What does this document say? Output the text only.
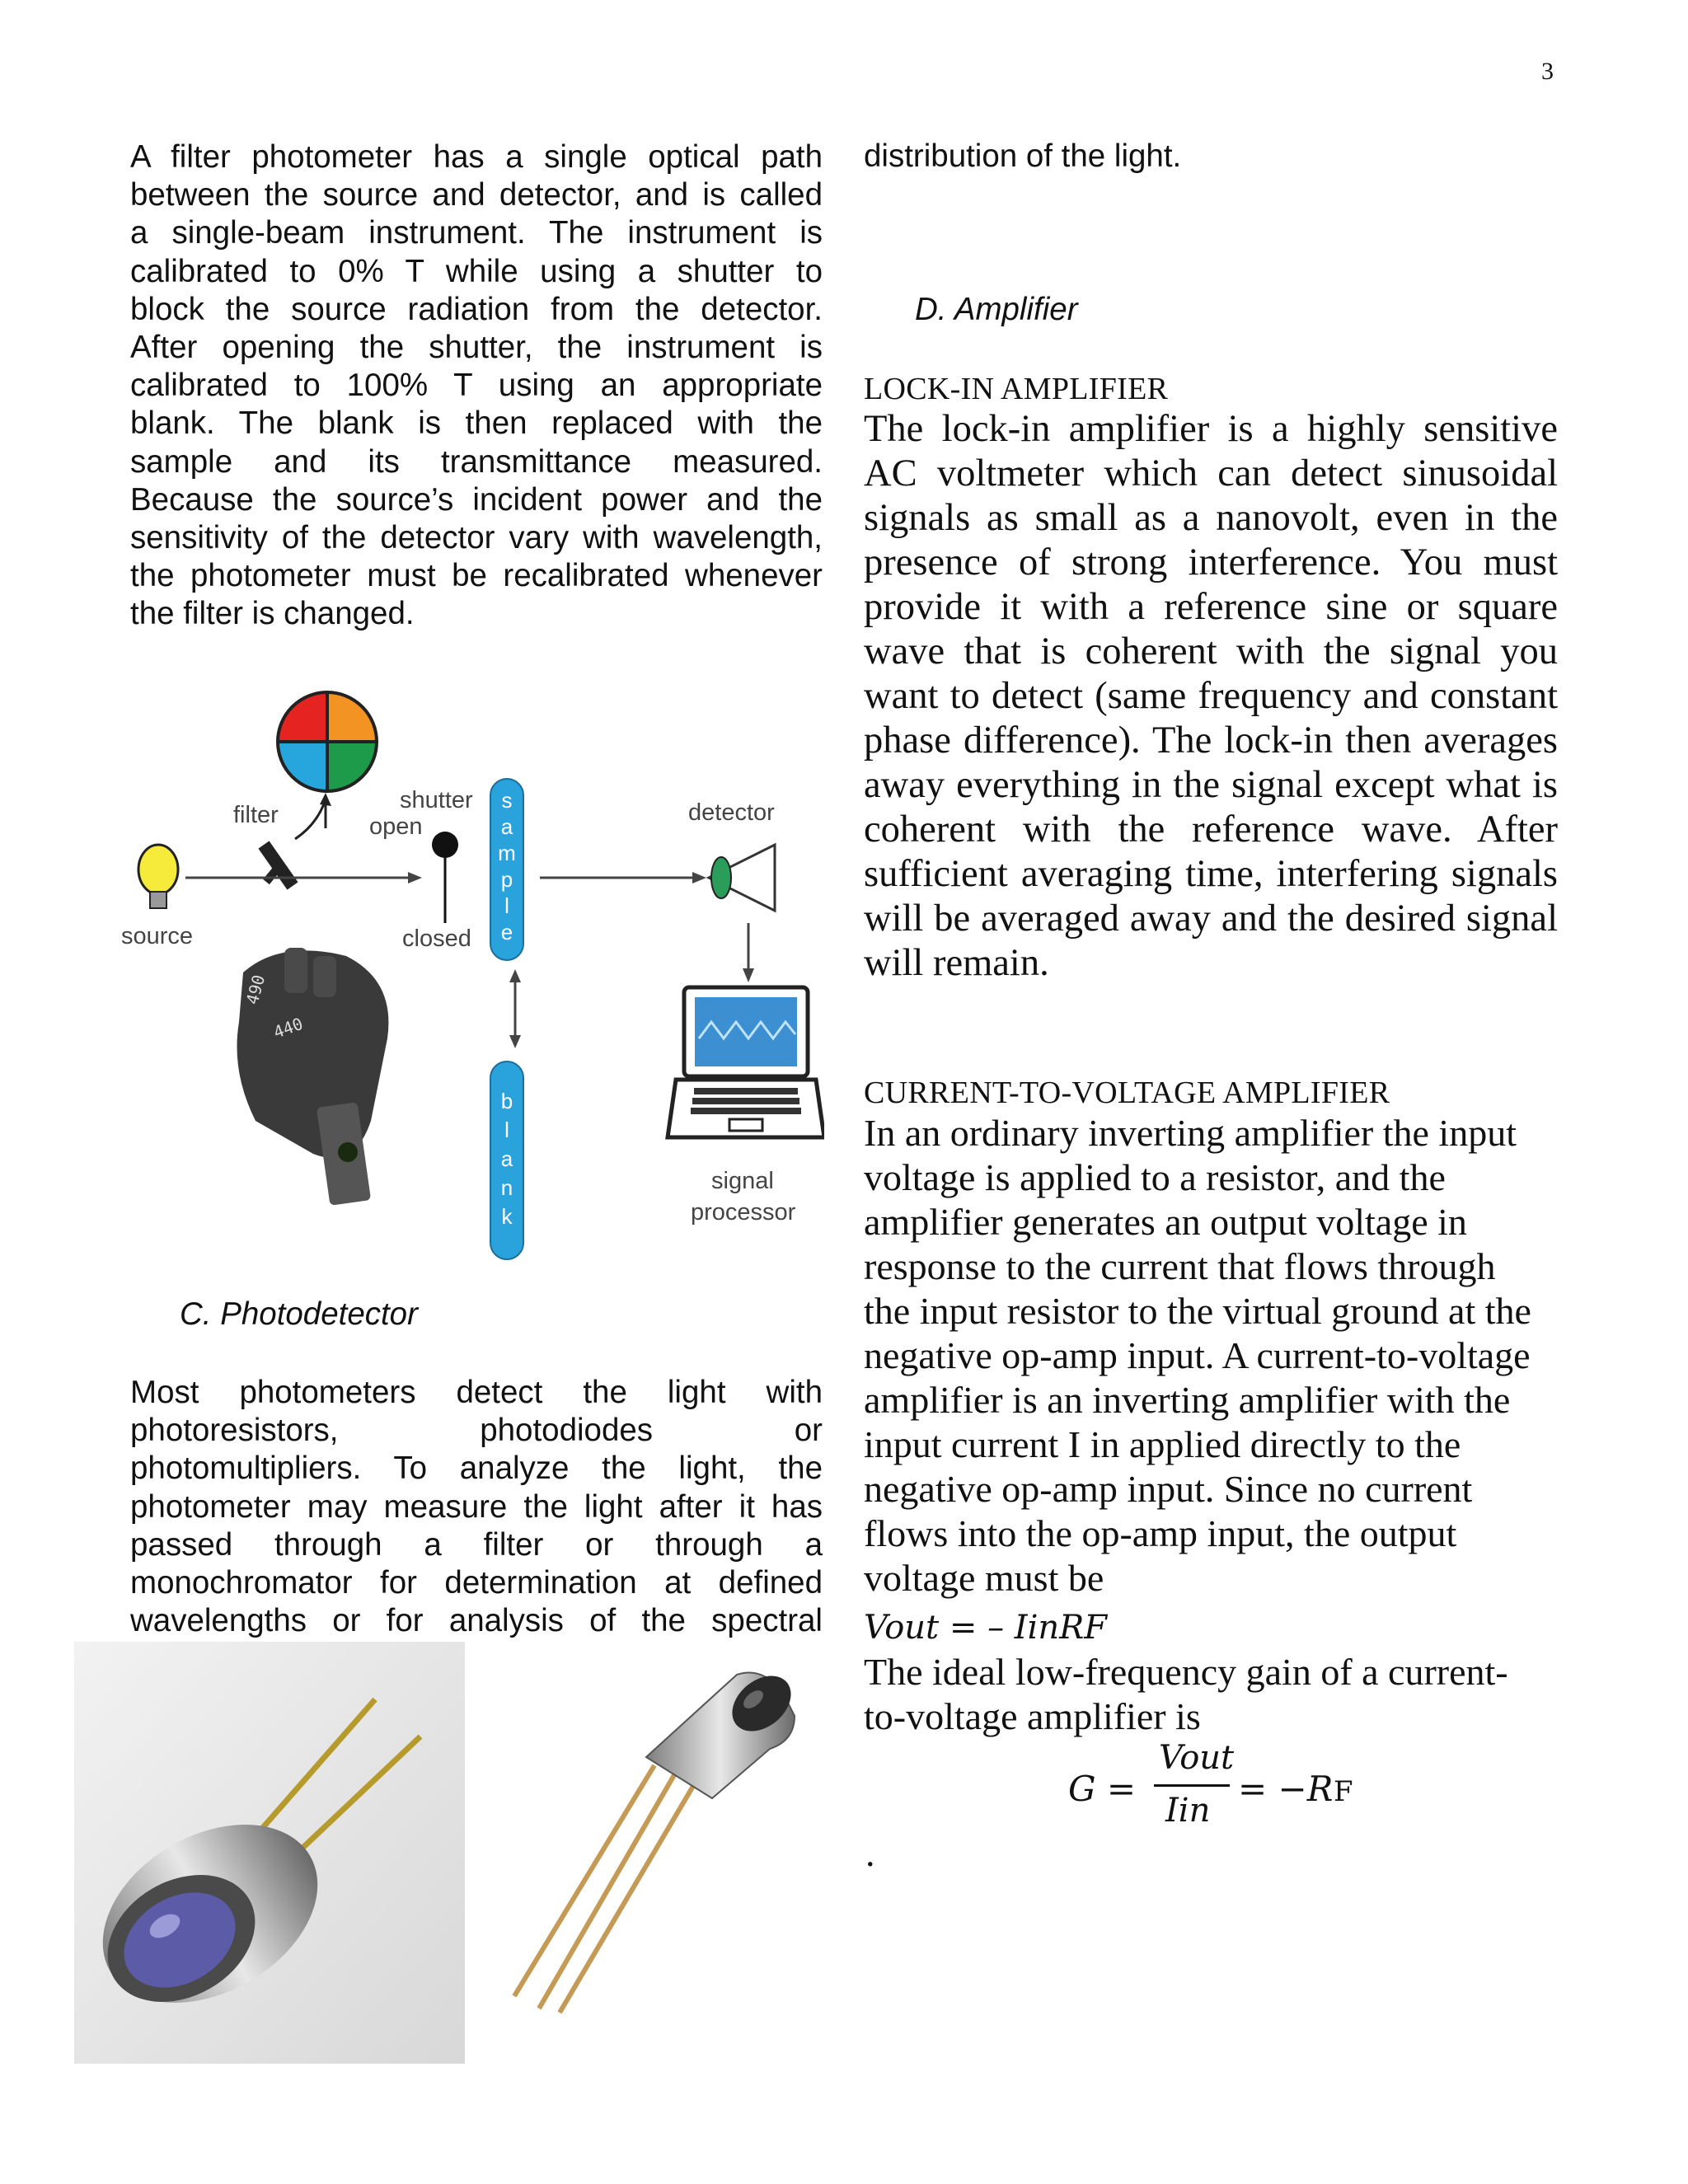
3
A filter photometer has a single optical path
between the source and detector, and is called
a single-beam instrument. The instrument is
calibrated to 0% T while using a shutter to
block the source radiation from the detector.
After opening the shutter, the instrument is
calibrated to 100% T using an appropriate
blank. The blank is then replaced with the
sample and its transmittance measured.
Because the source’s incident power and the
sensitivity of the detector vary with wavelength,
the photometer must be recalibrated whenever
the filter is changed.
source
filter
shutter
open
closed
s
a
m
p
l
e
b
l
a
n
k
detector
signal
processor
490
440
C. Photodetector
Most photometers detect the light with
photoresistors, photodiodes or
photomultipliers. To analyze the light, the
photometer may measure the light after it has
passed through a filter or through a
monochromator for determination at defined
wavelengths or for analysis of the spectral
distribution of the light.
D. Amplifier
LOCK-IN AMPLIFIER
The lock-in amplifier is a highly sensitive
AC voltmeter which can detect sinusoidal
signals as small as a nanovolt, even in the
presence of strong interference. You must
provide it with a reference sine or square
wave that is coherent with the signal you
want to detect (same frequency and constant
phase difference). The lock-in then averages
away everything in the signal except what is
coherent with the reference wave. After
sufficient averaging time, interfering signals
will be averaged away and the desired signal
will remain.
CURRENT-TO-VOLTAGE AMPLIFIER
In an ordinary inverting amplifier the input
voltage is applied to a resistor, and the
amplifier generates an output voltage in
response to the current that flows through
the input resistor to the virtual ground at the
negative op-amp input. A current-to-voltage
amplifier is an inverting amplifier with the
input current I in applied directly to the
negative op-amp input. Since no current
flows into the op-amp input, the output
voltage must be
Vout = – IinRF
The ideal low-frequency gain of a current-
to-voltage amplifier is
G =
Vout
Iin
= −R F
.
